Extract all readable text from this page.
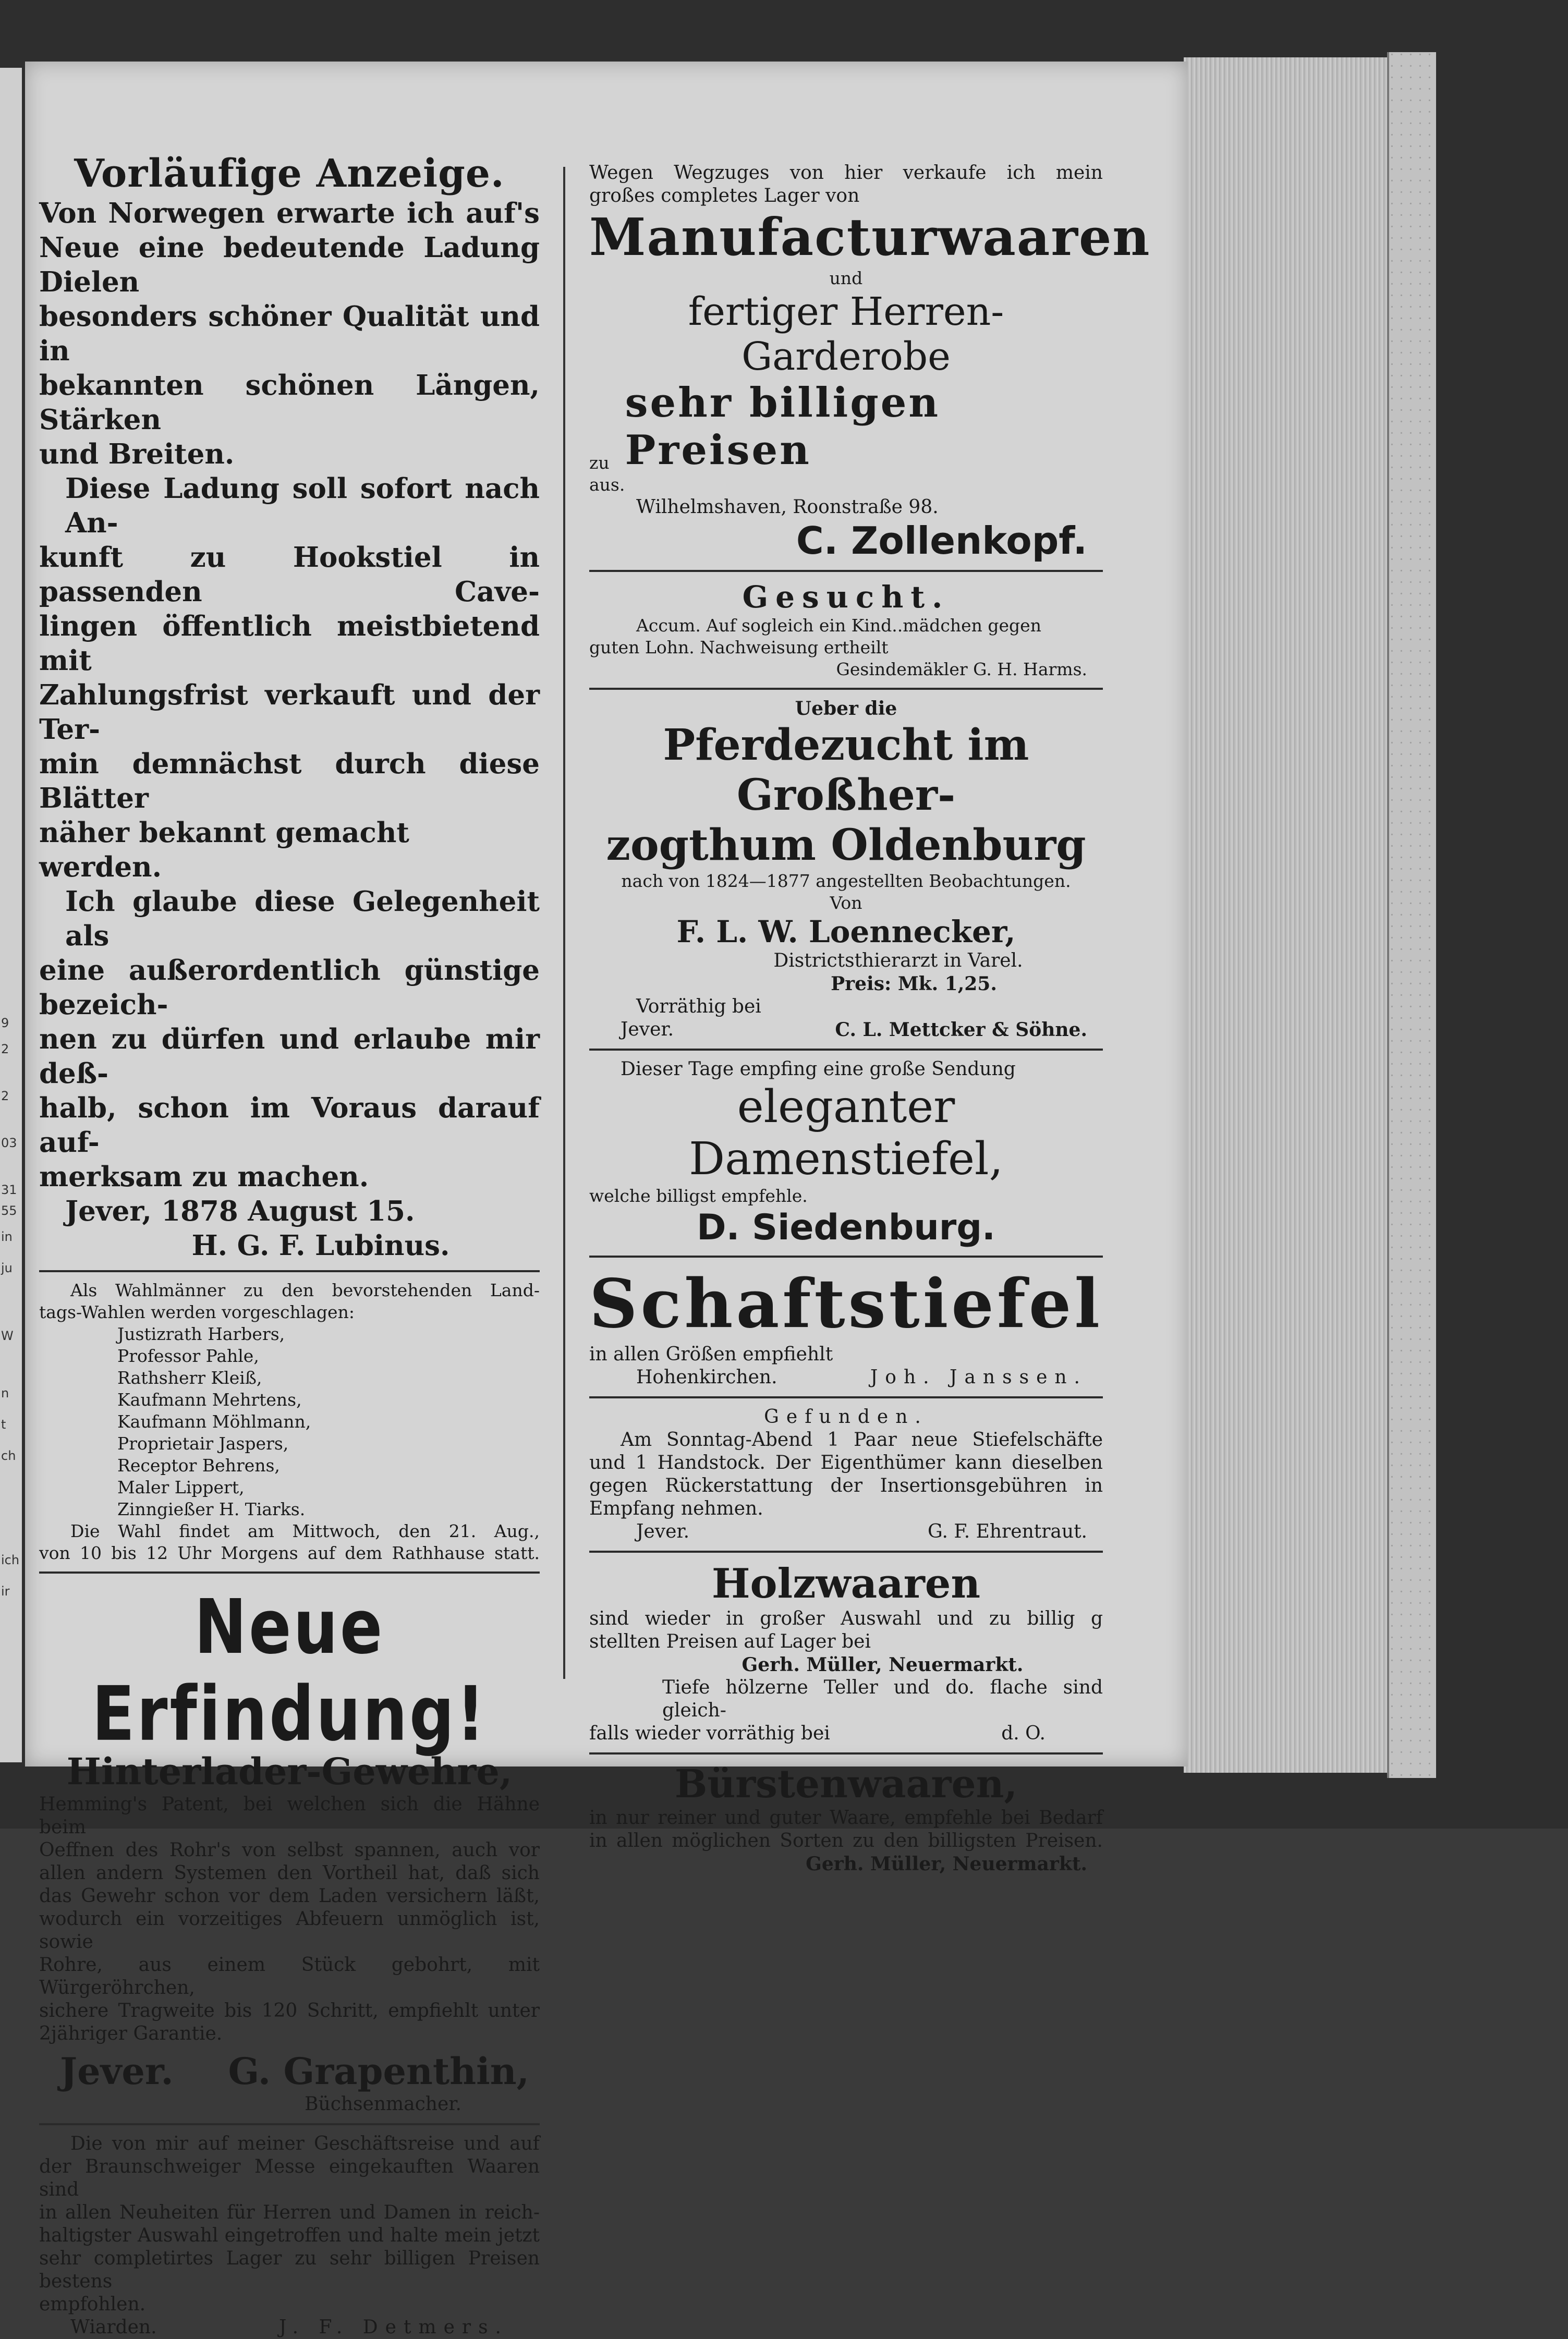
9
2
2
03
31
55
in
ju
W
n
t
ch
ich
ir
Vorläufige Anzeige.
Von Norwegen erwarte ich auf's
Neue eine bedeutende Ladung Dielen
besonders schöner Qualität und in
bekannten schönen Längen, Stärken
und Breiten.
Diese Ladung soll sofort nach An-
kunft zu Hookstiel in passenden Cave-
lingen öffentlich meistbietend mit
Zahlungsfrist verkauft und der Ter-
min demnächst durch diese Blätter
näher bekannt gemacht werden.
Ich glaube diese Gelegenheit als
eine außerordentlich günstige bezeich-
nen zu dürfen und erlaube mir deß-
halb, schon im Voraus darauf auf-
merksam zu machen.
Jever, 1878 August 15.
H. G. F. Lubinus.
Als Wahlmänner zu den bevorstehenden Land-
tags-Wahlen werden vorgeschlagen:
Justizrath Harbers,
Professor Pahle,
Rathsherr Kleiß,
Kaufmann Mehrtens,
Kaufmann Möhlmann,
Proprietair Jaspers,
Receptor Behrens,
Maler Lippert,
Zinngießer H. Tiarks.
Die Wahl findet am Mittwoch, den 21. Aug.,
von 10 bis 12 Uhr Morgens auf dem Rathhause statt.
Neue Erfindung!
Hinterlader-Gewehre,
Hemming's Patent, bei welchen sich die Hähne beim
Oeffnen des Rohr's von selbst spannen, auch vor
allen andern Systemen den Vortheil hat, daß sich
das Gewehr schon vor dem Laden versichern läßt,
wodurch ein vorzeitiges Abfeuern unmöglich ist, sowie
Rohre, aus einem Stück gebohrt, mit Würgeröhrchen,
sichere Tragweite bis 120 Schritt, empfiehlt unter
2jähriger Garantie.
Jever. G. Grapenthin,
Büchsenmacher.
Die von mir auf meiner Geschäftsreise und auf
der Braunschweiger Messe eingekauften Waaren sind
in allen Neuheiten für Herren und Damen in reich-
haltigster Auswahl eingetroffen und halte mein jetzt
sehr completirtes Lager zu sehr billigen Preisen bestens
empfohlen.
Wiarden.	J. F. Detmers.
Wegen Wegzuges von hier verkaufe ich mein
großes completes Lager von
Manufacturwaaren
und
fertiger Herren-Garderobe
zu
sehr billigen Preisen
aus.
Wilhelmshaven, Roonstraße 98.
C. Zollenkopf.
Gesucht.
Accum. Auf sogleich ein Kind..mädchen gegen
guten Lohn. Nachweisung ertheilt
Gesindemäkler G. H. Harms.
Ueber die
Pferdezucht im Großher-
zogthum Oldenburg
nach von 1824—1877 angestellten Beobachtungen.
Von
F. L. W. Loennecker,
Districtsthierarzt in Varel.
Preis: Mk. 1,25.
Vorräthig bei
Jever.	C. L. Mettcker & Söhne.
Dieser Tage empfing eine große Sendung
eleganter Damenstiefel,
welche billigst empfehle.
D. Siedenburg.
Schaftstiefel
in allen Größen empfiehlt
Hohenkirchen.	Joh. Janssen.
Gefunden.
Am Sonntag-Abend 1 Paar neue Stiefelschäfte
und 1 Handstock. Der Eigenthümer kann dieselben
gegen Rückerstattung der Insertionsgebühren in
Empfang nehmen.
Jever.	G. F. Ehrentraut.
Holzwaaren
sind wieder in großer Auswahl und zu billig g
stellten Preisen auf Lager bei
Gerh. Müller, Neuermarkt.
Tiefe hölzerne Teller und do. flache sind gleich-
falls wieder vorräthig bei	d. O.
Bürstenwaaren,
in nur reiner und guter Waare, empfehle bei Bedarf
in allen möglichen Sorten zu den billigsten Preisen.
Gerh. Müller, Neuermarkt.
